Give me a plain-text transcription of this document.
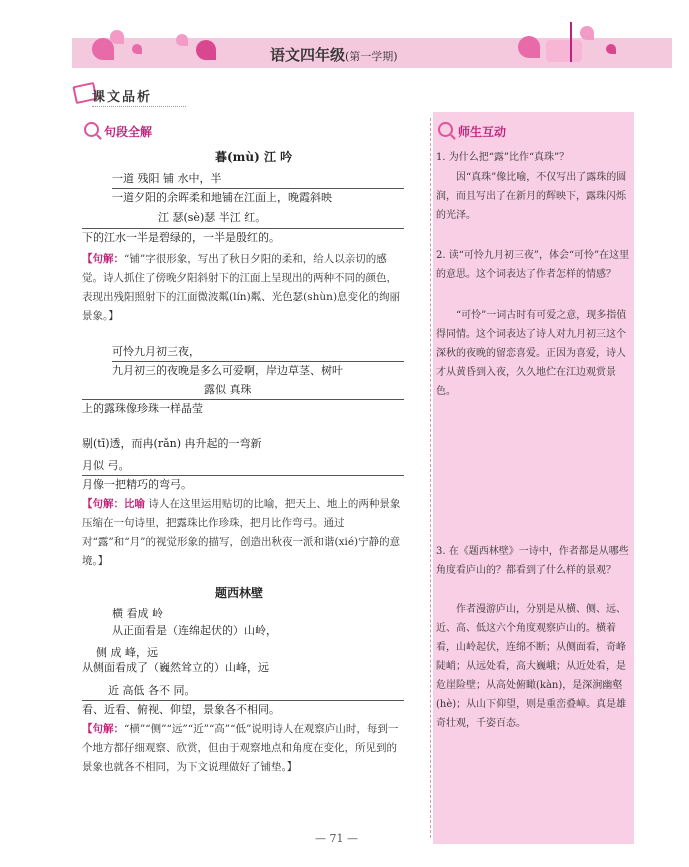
语文四年级(第一学期)
课文品析
句段全解	师生互动
暮(mù) 江 吟
一道 残阳 铺 水中，半
一道夕阳的余晖柔和地铺在江面上，晚霞斜映
江 瑟(sè)瑟 半江 红。
下的江水一半是碧绿的，一半是殷红的。
【句解：“铺”字很形象，写出了秋日夕阳的柔和，给人以亲切的感觉。诗人抓住了傍晚夕阳斜射下的江面上呈现出的两种不同的颜色，表现出残阳照射下的江面微波粼(lín)粼、光色瑟(shùn)息变化的绚丽景象。】
可怜九月初三夜，
九月初三的夜晚是多么可爱啊，岸边草茎、树叶
露似 真珠
上的露珠像珍珠一样晶莹
剔(tī)透，而冉(rǎn) 冉升起的一弯新
月似 弓。
月像一把精巧的弯弓。
【句解：比喻 诗人在这里运用贴切的比喻，把天上、地上的两种景象压缩在一句诗里，把露珠比作珍珠，把月比作弯弓。通过对“露”和“月”的视觉形象的描写，创造出秋夜一派和谐(xié)宁静的意境。】
题西林壁
横 看成 岭
从正面看是（连绵起伏的）山岭，
侧 成 峰，远
从侧面看成了（巍然耸立的）山峰，远
近 高低 各不 同。
看、近看、俯视、仰望，景象各不相同。
【句解：“横”“侧”“远”“近”“高”“低”说明诗人在观察庐山时，每到一个地方都仔细观察、欣赏，但由于观察地点和角度在变化，所见到的景象也就各不相同，为下文说理做好了铺垫。】
1. 为什么把“露”比作“真珠”？
因“真珠”像比喻，不仅写出了露珠的圆润，而且写出了在新月的辉映下，露珠闪烁的光泽。
2. 读“可怜九月初三夜”，体会“可怜”在这里的意思。这个词表达了作者怎样的情感？
“可怜”一词古时有可爱之意，现多指值得同情。这个词表达了诗人对九月初三这个深秋的夜晚的留恋喜爱。正因为喜爱，诗人才从黄昏到入夜，久久地伫在江边观赏景色。
3. 在《题西林壁》一诗中，作者都是从哪些角度看庐山的？都看到了什么样的景观？
作者漫游庐山，分别是从横、侧、远、近、高、低这六个角度观察庐山的。横着看，山岭起伏，连绵不断；从侧面看，奇峰陡峭；从远处看，高大巍峨；从近处看，是危崖险壁；从高处俯瞰(kàn)，是深涧幽壑(hè)；从山下仰望，则是重峦叠嶂。真是雄奇壮观，千姿百态。
— 71 —
